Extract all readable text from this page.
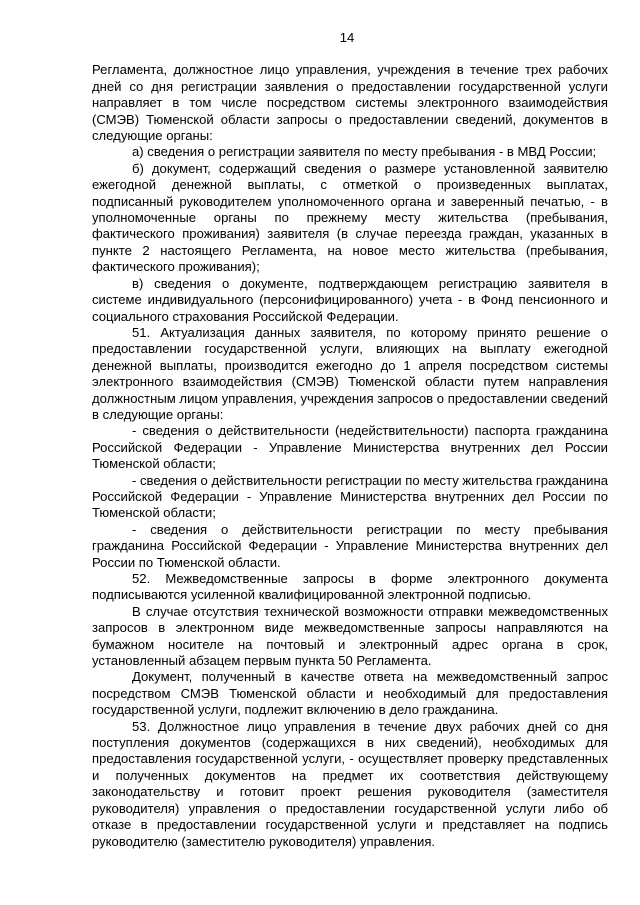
14

Регламента, должностное лицо управления, учреждения в течение трех рабочих дней со дня регистрации заявления о предоставлении государственной услуги направляет в том числе посредством системы электронного взаимодействия (СМЭВ) Тюменской области запросы о предоставлении сведений, документов в следующие органы:

а) сведения о регистрации заявителя по месту пребывания - в МВД России;

б) документ, содержащий сведения о размере установленной заявителю ежегодной денежной выплаты, с отметкой о произведенных выплатах, подписанный руководителем уполномоченного органа и заверенный печатью, - в уполномоченные органы по прежнему месту жительства (пребывания, фактического проживания) заявителя (в случае переезда граждан, указанных в пункте 2 настоящего Регламента, на новое место жительства (пребывания, фактического проживания);

в) сведения о документе, подтверждающем регистрацию заявителя в системе индивидуального (персонифицированного) учета - в Фонд пенсионного и социального страхования Российской Федерации.

51. Актуализация данных заявителя, по которому принято решение о предоставлении государственной услуги, влияющих на выплату ежегодной денежной выплаты, производится ежегодно до 1 апреля посредством системы электронного взаимодействия (СМЭВ) Тюменской области путем направления должностным лицом управления, учреждения запросов о предоставлении сведений в следующие органы:

- сведения о действительности (недействительности) паспорта гражданина Российской Федерации - Управление Министерства внутренних дел России Тюменской области;

- сведения о действительности регистрации по месту жительства гражданина Российской Федерации - Управление Министерства внутренних дел России по Тюменской области;

- сведения о действительности регистрации по месту пребывания гражданина Российской Федерации - Управление Министерства внутренних дел России по Тюменской области.

52. Межведомственные запросы в форме электронного документа подписываются усиленной квалифицированной электронной подписью.

В случае отсутствия технической возможности отправки межведомственных запросов в электронном виде межведомственные запросы направляются на бумажном носителе на почтовый и электронный адрес органа в срок, установленный абзацем первым пункта 50 Регламента.

Документ, полученный в качестве ответа на межведомственный запрос посредством СМЭВ Тюменской области и необходимый для предоставления государственной услуги, подлежит включению в дело гражданина.

53. Должностное лицо управления в течение двух рабочих дней со дня поступления документов (содержащихся в них сведений), необходимых для предоставления государственной услуги, - осуществляет проверку представленных и полученных документов на предмет их соответствия действующему законодательству и готовит проект решения руководителя (заместителя руководителя) управления о предоставлении государственной услуги либо об отказе в предоставлении государственной услуги и представляет на подпись руководителю (заместителю руководителя) управления.
